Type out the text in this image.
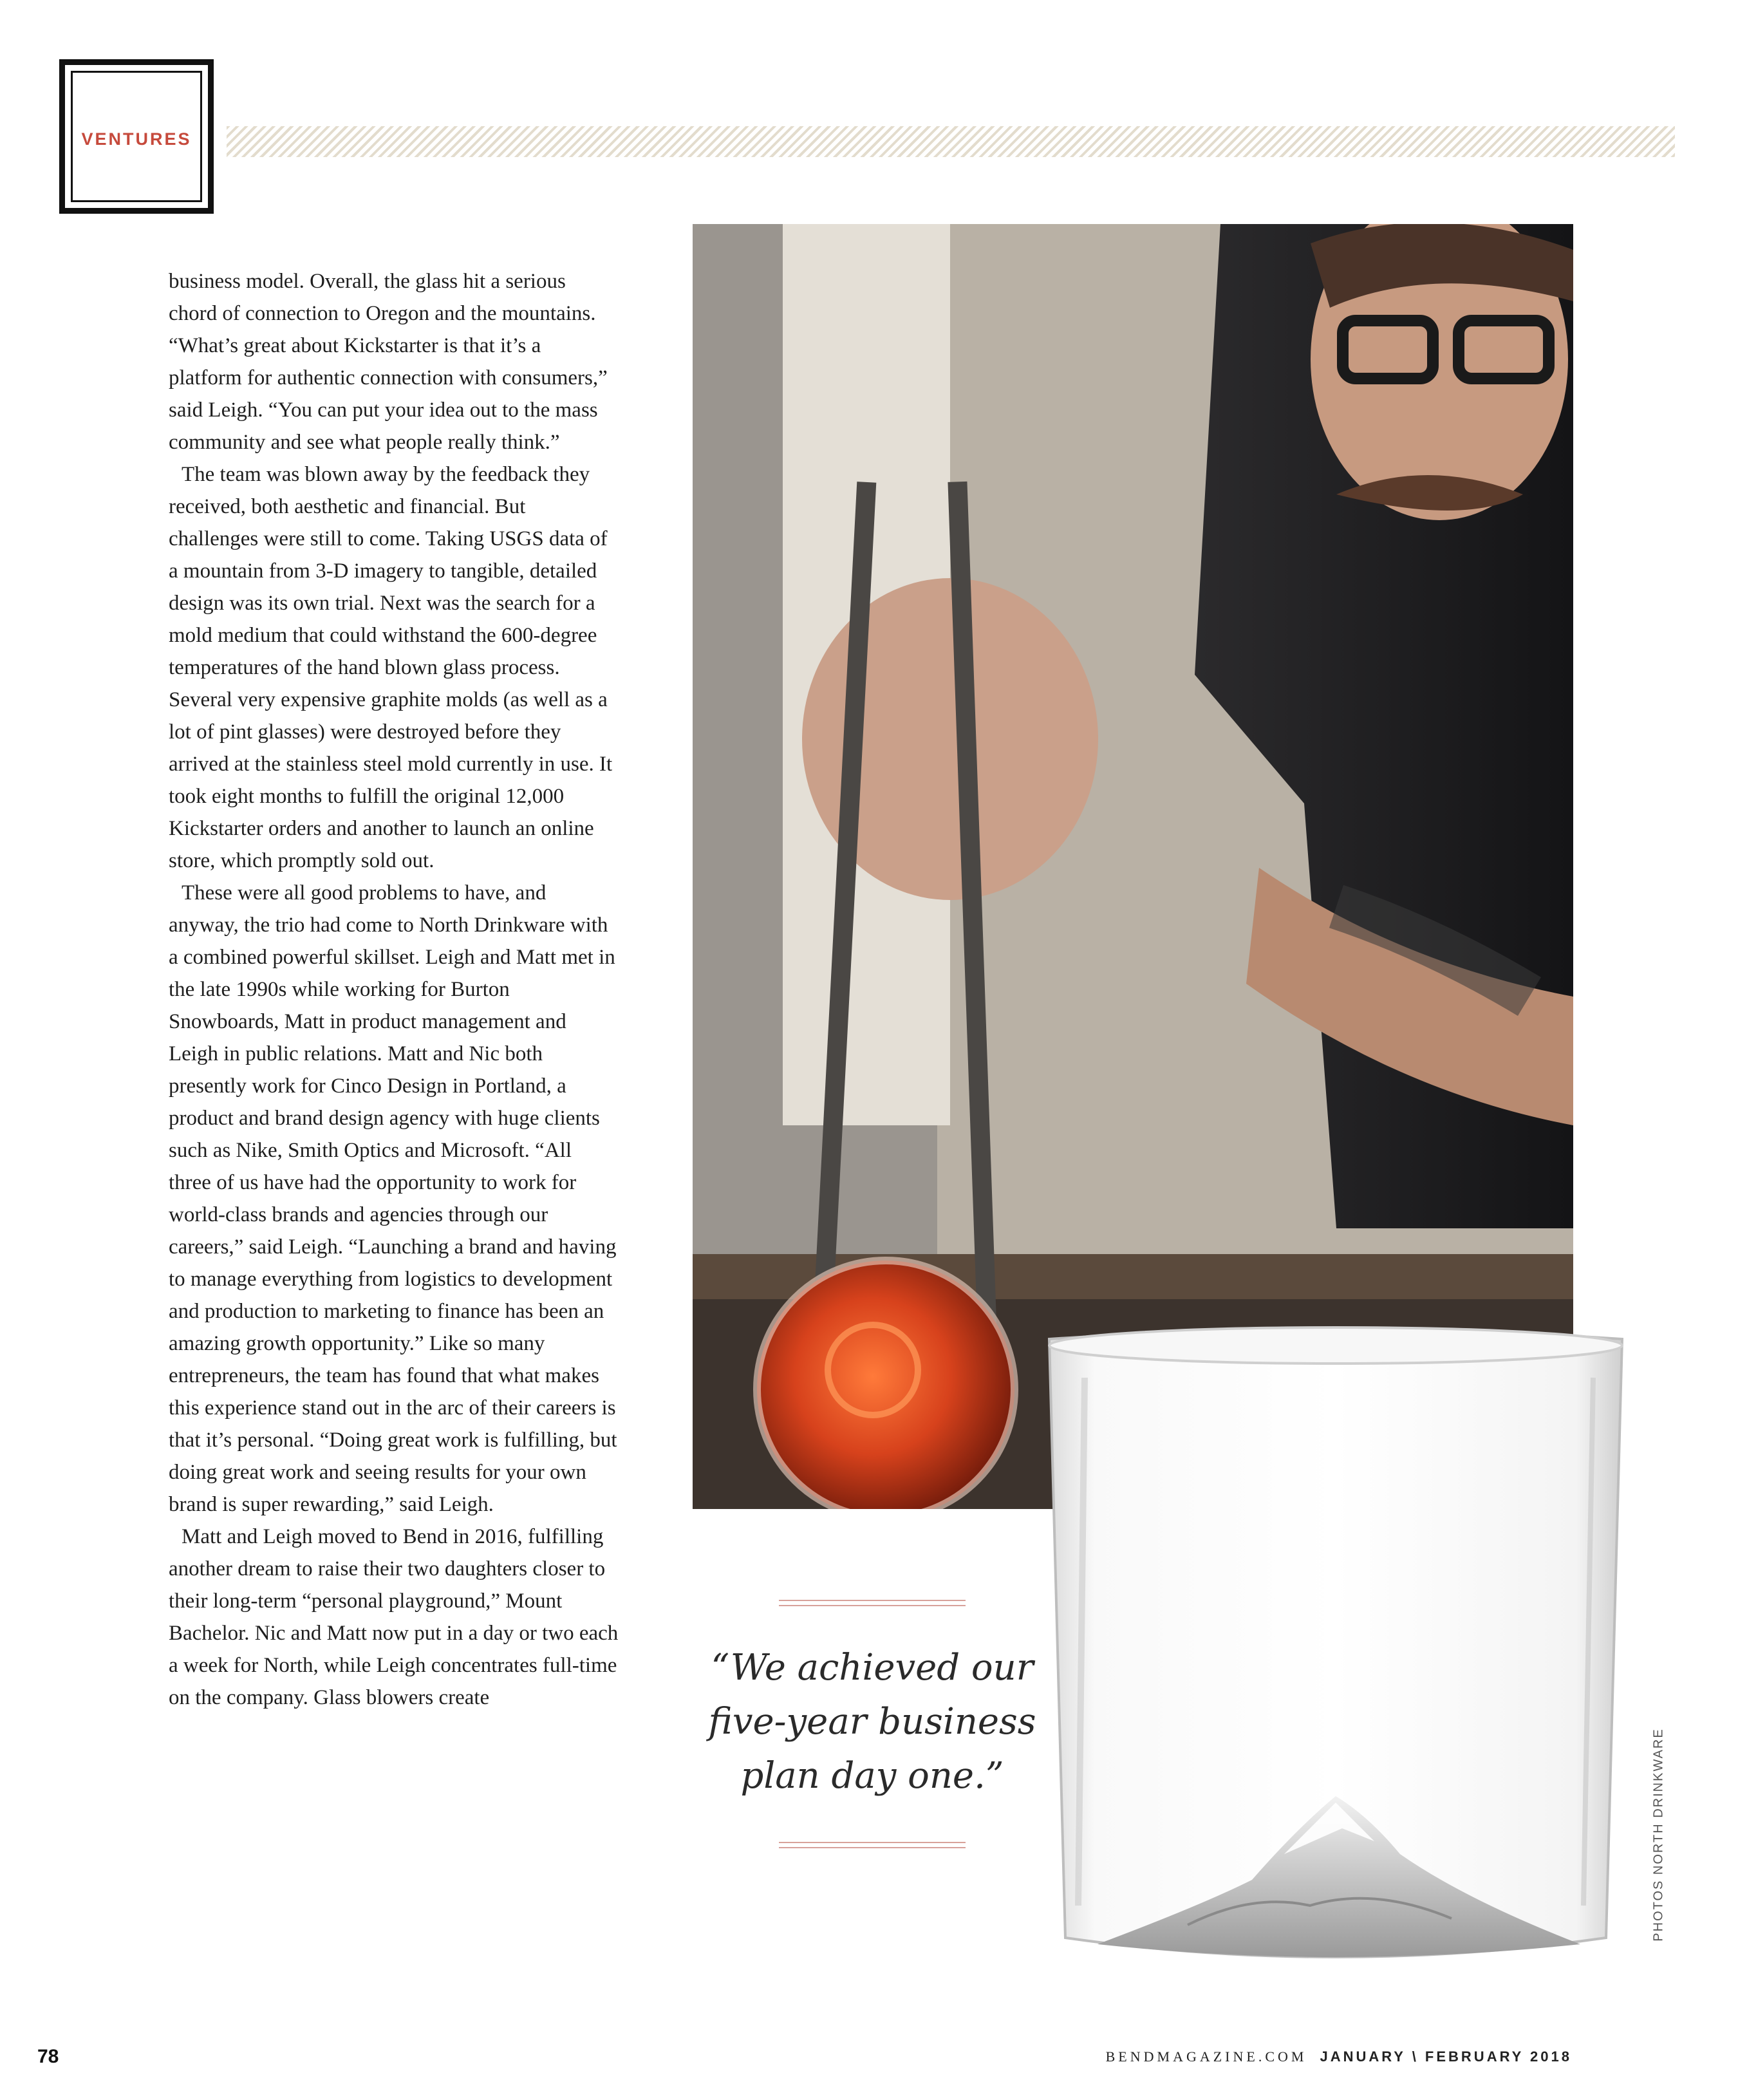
VENTURES

business model. Overall, the glass hit a serious chord of connection to Oregon and the mountains. “What’s great about Kickstarter is that it’s a platform for authentic connection with consumers,” said Leigh. “You can put your idea out to the mass community and see what people really think.”

The team was blown away by the feedback they received, both aesthetic and financial. But challenges were still to come. Taking USGS data of a mountain from 3-D imagery to tangible, detailed design was its own trial. Next was the search for a mold medium that could withstand the 600-degree temperatures of the hand blown glass process. Several very expensive graphite molds (as well as a lot of pint glasses) were destroyed before they arrived at the stainless steel mold currently in use. It took eight months to fulfill the original 12,000 Kickstarter orders and another to launch an online store, which promptly sold out.

These were all good problems to have, and anyway, the trio had come to North Drinkware with a combined powerful skillset. Leigh and Matt met in the late 1990s while working for Burton Snowboards, Matt in product management and Leigh in public relations. Matt and Nic both presently work for Cinco Design in Portland, a product and brand design agency with huge clients such as Nike, Smith Optics and Microsoft. “All three of us have had the opportunity to work for world-class brands and agencies through our careers,” said Leigh. “Launching a brand and having to manage everything from logistics to development and production to marketing to finance has been an amazing growth opportunity.” Like so many entrepreneurs, the team has found that what makes this experience stand out in the arc of their careers is that it’s personal. “Doing great work is fulfilling, but doing great work and seeing results for your own brand is super rewarding,” said Leigh.

Matt and Leigh moved to Bend in 2016, fulfilling another dream to raise their two daughters closer to their long-term “personal playground,” Mount Bachelor. Nic and Matt now put in a day or two each a week for North, while Leigh concentrates full-time on the company. Glass blowers create

“We achieved our five-year business plan day one.”	PHOTOS NORTH DRINKWARE
78	BENDMAGAZINE.COM JANUARY \ FEBRUARY 2018
